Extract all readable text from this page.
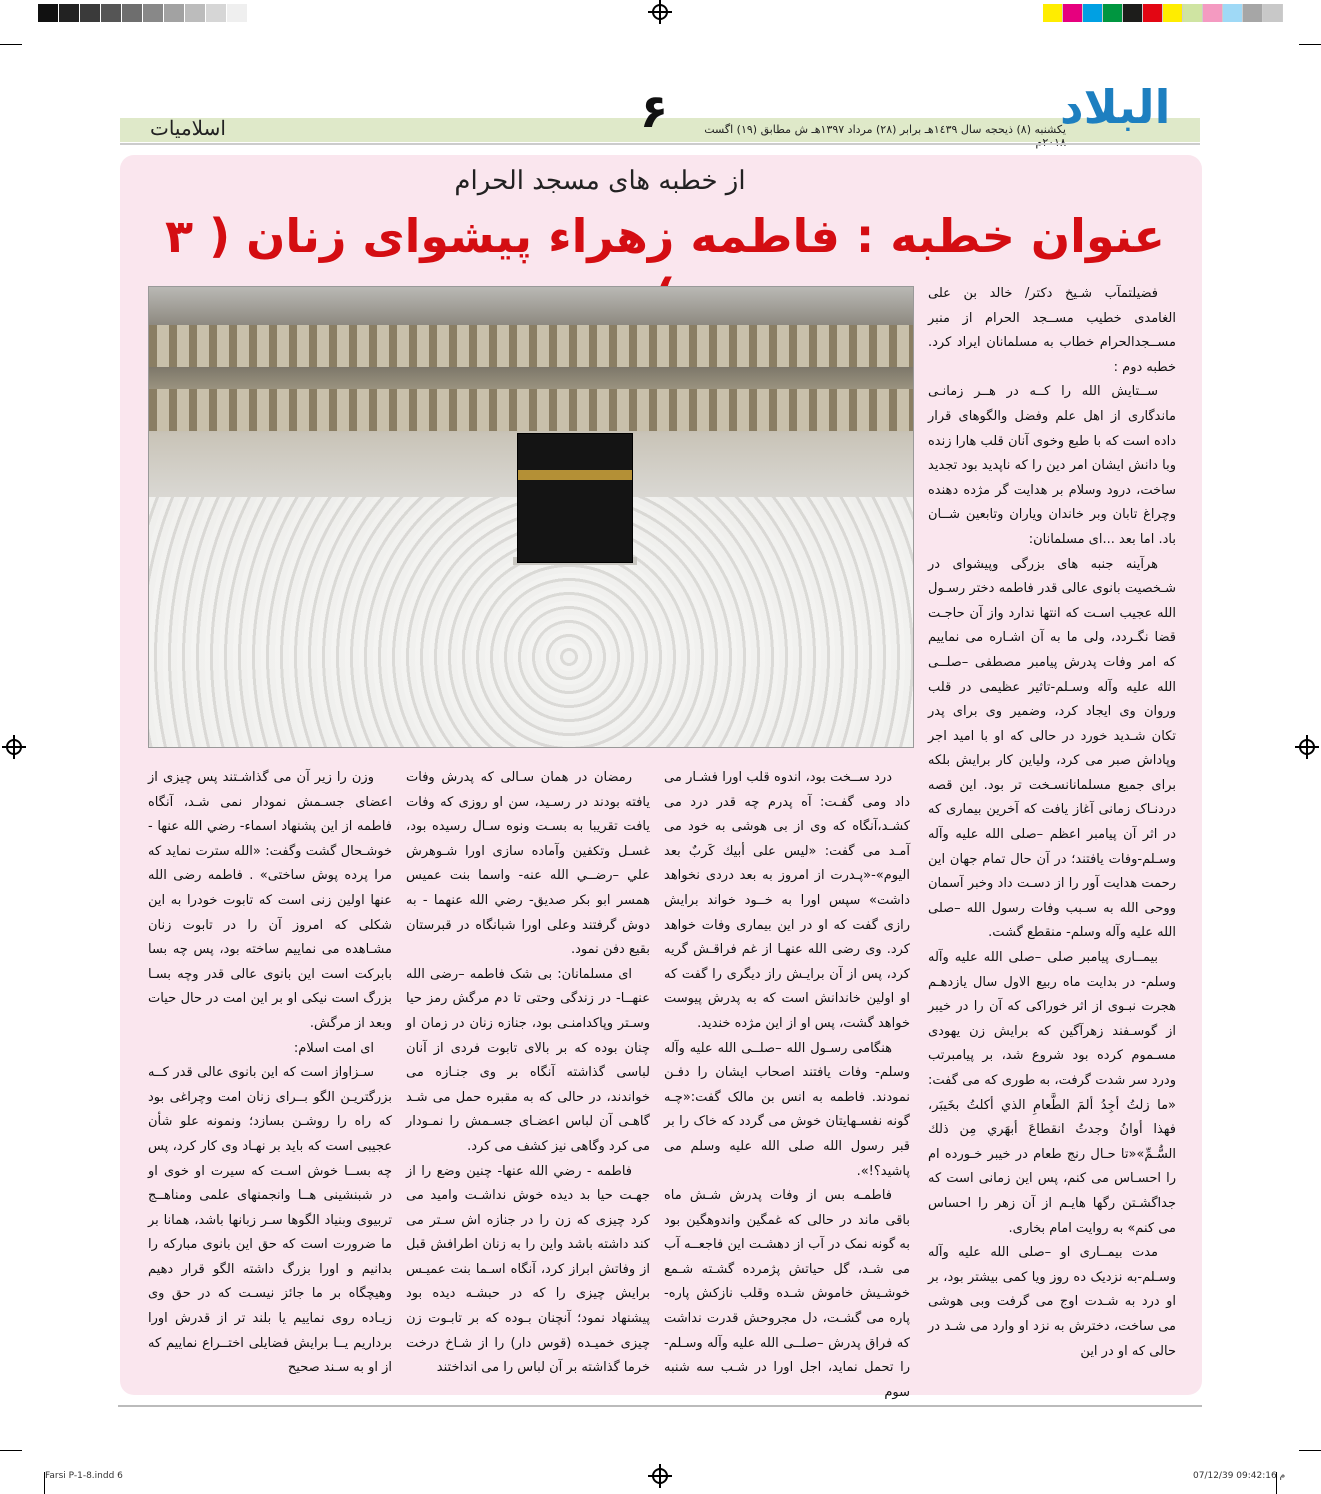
البلاد
یکشنبه (٨) ذیحجه سال ١٤٣٩هـ برابر (٢٨) مرداد ١٣٩٧هـ ش مطابق (١٩) اگست
۶
اسلامیات
از خطبه های مسجد الحرام
عنوان خطبه : فاطمه زهراء پیشوای زنان ( ۳

فضیلتمآب شـیخ دکتر/ خالد بن علی الغامدی خطیب مســجد الحرام از منبر مســجدالحرام خطاب به مسلمانان ایراد کرد. خطبه دوم :

ســتایش الله را کــه در هــر زمانـی ماندگاری از اهل علم وفضل والگوهای قرار داده است که با طبع وخوی آنان قلب هارا زنده وبا دانش ایشان امر دین را که ناپدید بود تجدید ساخت، درود وسلام بر هدایت گر مژده دهنده وچراغ تابان وبر خاندان ویاران وتابعین شــان باد. اما بعد ...ای مسلمانان:

هرآینه جنبه های بزرگی وپیشوای در شـخصیت بانوی عالی قدر فاطمه دختر رسـول الله عجیب اسـت که انتها ندارد واز آن حاجـت قضا نگـردد، ولی ما به آن اشـاره می نمایيم که امر وفات پدرش پیامبر مصطفی –صلــی الله علیه وآله وسـلم-تاثیر عظیمی در قلب وروان وی ایجاد کرد، وضمیر وی برای پدر تکان شـدید خورد در حالی که او با امید اجر وپاداش صبر می کرد، ولیاین کار برایش بلکه برای جمیع مسلمانانسـخت تر بود. این قصه دردنـاک زمانی آغاز یافت که آخرین بیماری که در اثر آن پیامبر اعظم –صلی الله علیه وآله وسـلم-وفات یافتند؛ در آن حال تمام جهان این رحمت هدایت آور را از دسـت داد وخبر آسمان ووحی الله به سـبب وفات رسول الله –صلی الله علیه وآله وسلم- منقطع گشت.

بیمــاری پیامبر صلی –صلی الله علیه وآله وسلم- در بدایت ماه ربیع الاول سال یازدهـم هجرت نبـوی از اثر خوراکی که آن را در خیبر از گوسـفند زهرآگین که برایش زن یهودی مسـموم کرده بود شروع شد، بر پیامبرتب ودرد سر شدت گرفت، به طوری که می گفت: «ما زلتُ أجِدُ ألمَ الطَّعامِ الذي أكلتُ بخَيبَر، فهذا أوانُ وجدتُ انقطاعَ أبهَري مِن ذلك السُّـمِّ»«تا حـال رنج طعام در خیبر خـورده ام را احسـاس می کنم، پس این زمانی است که جداگشـتن رگها هایـم از آن زهر را احساس می کنم» به روایت امام بخاری.

مدت بیمــاری او –صلی الله علیه وآله وسـلم-به نزدیک ده روز ویا کمی بیشتر بود، بر او درد به شـدت اوج می گرفت وبی هوشی می ساخت، دخترش به نزد او وارد می شـد در حالی که او در این

درد ســخت بود، اندوه قلب اورا فشـار می داد ومی گفـت: آه پدرم چه قدر درد می کشـد،آنگاه که وی از بی هوشی به خود می آمـد می گفت: «لیس علی أبيك كَربٌ بعد اليوم»-«پـدرت از امروز به بعد دردی نخواهد داشت» سپس اورا به خــود خواند برایش رازی گفت که او در این بیماری وفات خواهد کرد. وی رضی الله عنهـا از غم فراقـش گریه کرد، پس از آن برایـش راز دیگری را گفت که او اولین خاندانش است که به پدرش پیوست خواهد گشت، پس او از این مژده خندید.

هنگامی رسـول الله –صلــی الله علیه وآله وسلم- وفات یافتند اصحاب ایشان را دفـن نمودند. فاطمه به انس بن مالک گفت:«چـه گونه نفسـهایتان خوش می گردد که خاک را بر قبر رسول الله صلی الله علیه وسلم می پاشید؟!».

فاطمـه بس از وفات پدرش شـش ماه باقی ماند در حالی که غمگین واندوهگین بود به گونه نمک در آب از دهشـت این فاجعــه آب می شـد، گل حیاتش پژمرده گشـته شـمع خوشـیش خاموش شـده وقلب نازکش پاره-پاره می گشـت، دل مجروحش قدرت نداشت که فراق پدرش –صلــی الله علیه وآله وسـلم- را تحمل نماید، اجل اورا در شـب سه شنبه سوم

رمضان در همان سـالی که پدرش وفات یافته بودند در رسـید، سن او روزی که وفات یافت تقریبا به بسـت ونوه سـال رسیده بود، غسـل وتکفین وآماده سازی اورا شـوهرش علي –رضــي الله عنه- واسما بنت عمیس همسر ابو بکر صدیق- رضي الله عنهما - به دوش گرفتند وعلی اورا شبانگاه در قبرستان بقیع دفن نمود.

ای مسلمانان: بی شک فاطمه –رضی الله عنهــا- در زندگی وحتی تا دم مرگش رمز حیا وسـتر وپاکدامنـی بود، جنازه زنان در زمان او چنان بوده که بر بالای تابوت فردی از آنان لباسی گذاشته آنگاه بر وی جنـازه می خواندند، در حالی که به مقبره حمل می شـد گاهـی آن لباس اعضـای جسـمش را نمـودار می کرد وگاهی نیز کشف می کرد.

فاطمه - رضي الله عنها- چنین وضع را از جهـت حیا بد دیده خوش نداشـت وامید می کرد چیزی که زن را در جنازه اش سـتر می کند داشته باشد واین را به زنان اطرافش قبل از وفاتش ابراز کرد، آنگاه اسـما بنت عمیـس برایش چیزی را که در حبشـه دیده بود پیشنهاد نمود؛ آنچنان بـوده که بر تابـوت زن چیزی خمیـده (قوس دار) را از شـاخ درخت خرما گذاشته بر آن لباس را می انداختند

وزن را زیر آن می گذاشـتند پس چیزی از اعضای جسـمش نمودار نمی شـد، آنگاه فاطمه از این پشنهاد اسماء- رضي الله عنها - خوشـحال گشت وگفت: «الله سترت نماید که مرا پرده پوش ساختی» . فاطمه رضی الله عنها اولین زنی است که تابوت خودرا به این شکلی که امروز آن را در تابوت زنان مشـاهده می نماییم ساخته بود، پس چه بسا بابرکت است این بانوی عالی قدر وچه بسـا بزرگ است نیکی او بر این امت در حال حیات وبعد از مرگش.

ای امت اسلام:

سـزاواز است که این بانوی عالی قدر کــه بزرگتریـن الگو بــرای زنان امت وچراغی بود که راه را روشـن بسازد؛ ونمونه علو شأن عجیبی است که باید بر نهـاد وی کار کرد، پس چه بســا خوش اسـت که سیرت او خوی او در شبنشینی هــا وانجمنهای علمی ومناهــج تربیوی وبنیاد الگوها سـر زبانها باشد، همانا بر ما ضرورت است که حق این بانوی مبارکه را بدانیم و اورا بزرگ داشته الگو قرار دهیم وهیچگاه بر ما جائز نیسـت که در حق وی زیـاده روی نماییم یا بلند تر از قدرش اورا برداریم یــا برایش فضایلی اختــراع نماییم که از او به سـند صحیح

Farsi P-1-8.indd 6	07/12/39 09:42:16 م
